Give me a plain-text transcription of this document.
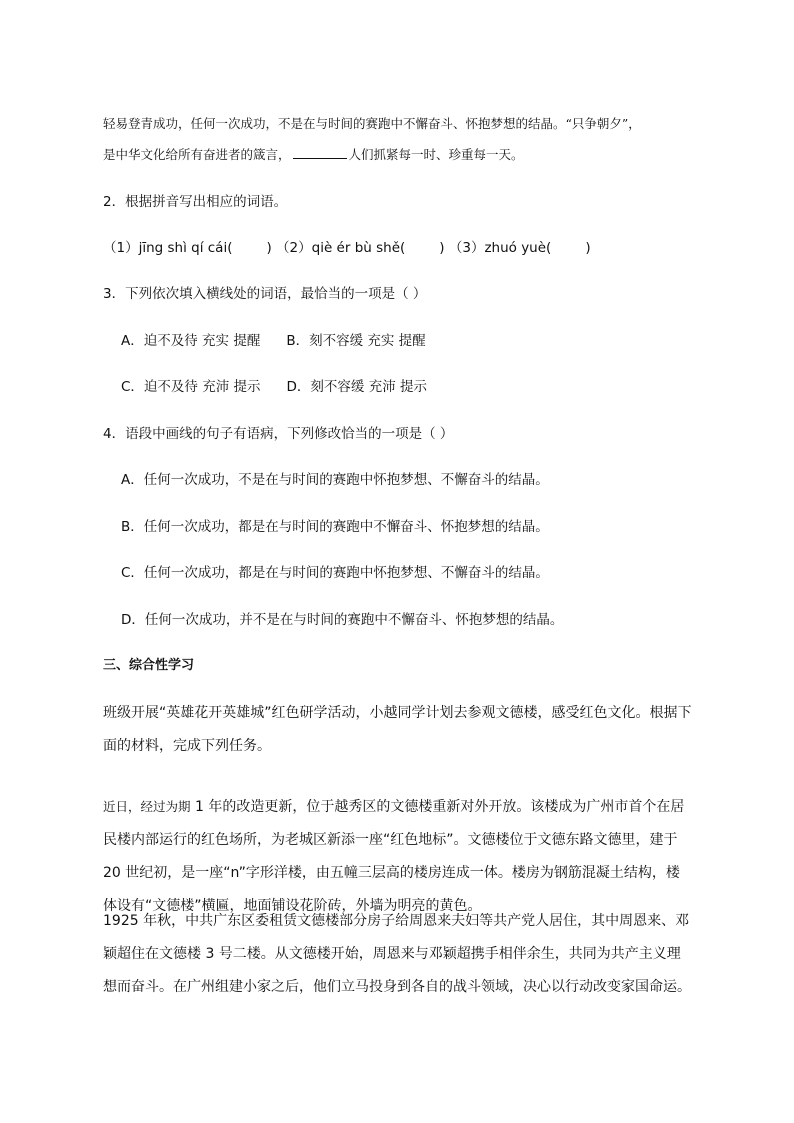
轻易登青成功，任何一次成功，不是在与时间的赛跑中不懈奋斗、怀抱梦想的结晶。“只争朝夕”，
是中华文化给所有奋进者的箴言，	人们抓紧每一时、珍重每一天。
2．根据拼音写出相应的词语。
（1）jīng shì qí cái(	) （2）qiè ér bù shě(	) （3）zhuó yuè(	)
3．下列依次填入横线处的词语，最恰当的一项是（ ）
A．迫不及待 充实 提醒 B．刻不容缓 充实 提醒
C．迫不及待 充沛 提示 D．刻不容缓 充沛 提示
4．语段中画线的句子有语病，下列修改恰当的一项是（ ）
A．任何一次成功，不是在与时间的赛跑中怀抱梦想、不懈奋斗的结晶。
B．任何一次成功，都是在与时间的赛跑中不懈奋斗、怀抱梦想的结晶。
C．任何一次成功，都是在与时间的赛跑中怀抱梦想、不懈奋斗的结晶。
D．任何一次成功，并不是在与时间的赛跑中不懈奋斗、怀抱梦想的结晶。
三、综合性学习
班级开展“英雄花开英雄城”红色研学活动，小越同学计划去参观文德楼，感受红色文化。根据下面的材料，完成下列任务。
近日，经过为期 1 年的改造更新，位于越秀区的文德楼重新对外开放。该楼成为广州市首个在居民楼内部运行的红色场所，为老城区新添一座“红色地标”。文德楼位于文德东路文德里，建于 20 世纪初，是一座“n”字形洋楼，由五幢三层高的楼房连成一体。楼房为钢筋混凝土结构，楼体设有“文德楼”横匾，地面铺设花阶砖，外墙为明亮的黄色。
1925 年秋，中共广东区委租赁文德楼部分房子给周恩来夫妇等共产党人居住，其中周恩来、邓颖超住在文德楼 3 号二楼。从文德楼开始，周恩来与邓颖超携手相伴余生，共同为共产主义理想而奋斗。在广州组建小家之后，他们立马投身到各自的战斗领域，决心以行动改变家国命运。
